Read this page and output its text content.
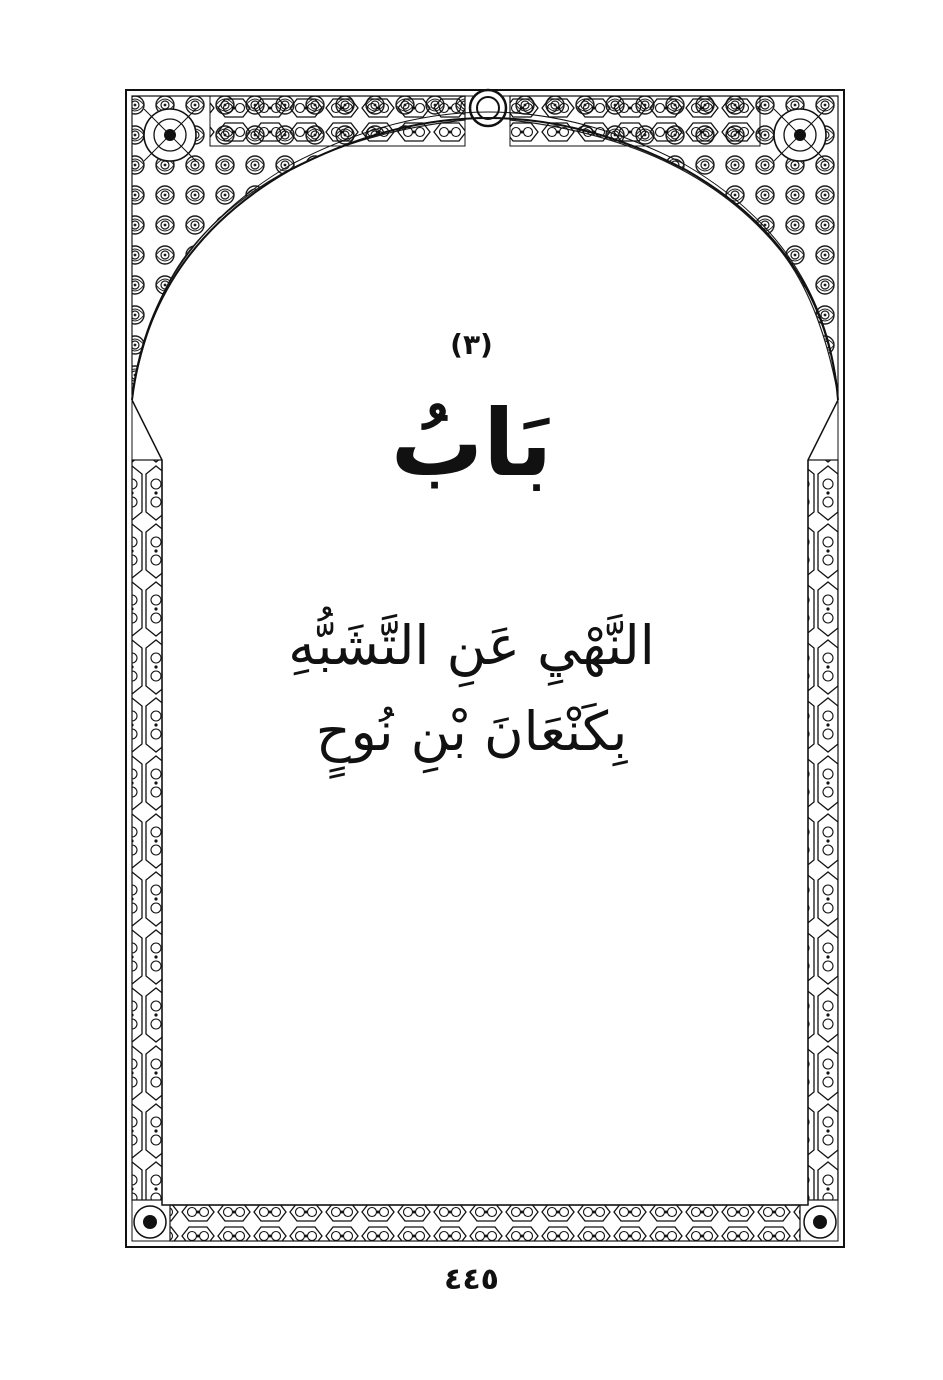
(٣)
بَابُ
النَّهْيِ عَنِ التَّشَبُّهِ
بِكَنْعَانَ بْنِ نُوحٍ
٤٤٥
